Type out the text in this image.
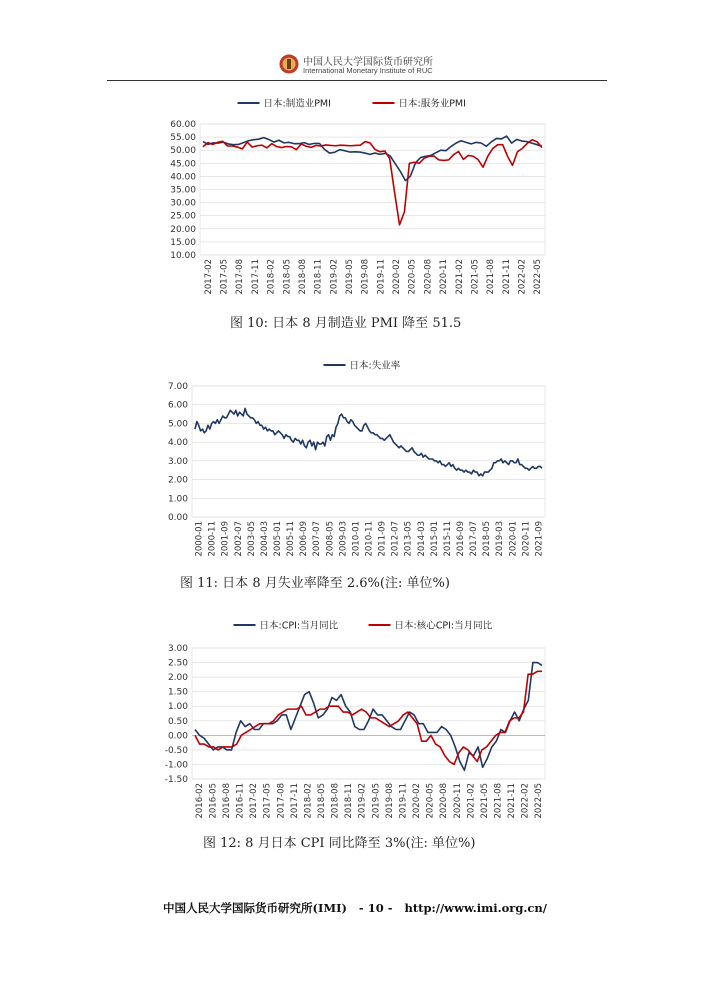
中国人民大学国际货币研究所
International Monetary Institute of RUC
60.00
55.00
50.00
45.00
40.00
35.00
30.00
25.00
20.00
15.00
10.00
2017-02 2017-05 2017-08 2017-11 2018-02 2018-05 2018-08 2018-11 2019-02 2019-05 2019-08 2019-11 2020-02 2020-05 2020-08 2020-11 2021-02 2021-05 2021-08 2021-11 2022-02 2022-05
日本:制造业PMI	日本:服务业PMI
图 10: 日本 8 月制造业 PMI 降至 51.5
7.00
6.00
5.00
4.00
3.00
2.00
1.00
0.00
2000-01 2000-11 2001-09 2002-07 2003-05 2004-03 2005-01 2005-11 2006-09 2007-07 2008-05 2009-03 2010-01 2010-11 2011-09 2012-07 2013-05 2014-03 2015-01 2015-11 2016-09 2017-07 2018-05 2019-03 2020-01 2020-11 2021-09
日本:失业率
图 11: 日本 8 月失业率降至 2.6%(注: 单位%)
3.00
2.50
2.00
1.50
1.00
0.50
0.00
-0.50
-1.00
-1.50
2016-02 2016-05 2016-08 2016-11 2017-02 2017-05 2017-08 2017-11 2018-02 2018-05 2018-08 2018-11 2019-02 2019-05 2019-08 2019-11 2020-02 2020-05 2020-08 2020-11 2021-02 2021-05 2021-08 2021-11 2022-02 2022-05
日本:CPI:当月同比	日本:核心CPI:当月同比
图 12: 8 月日本 CPI 同比降至 3%(注: 单位%)
中国人民大学国际货币研究所(IMI) - 10 - http://www.imi.org.cn/
